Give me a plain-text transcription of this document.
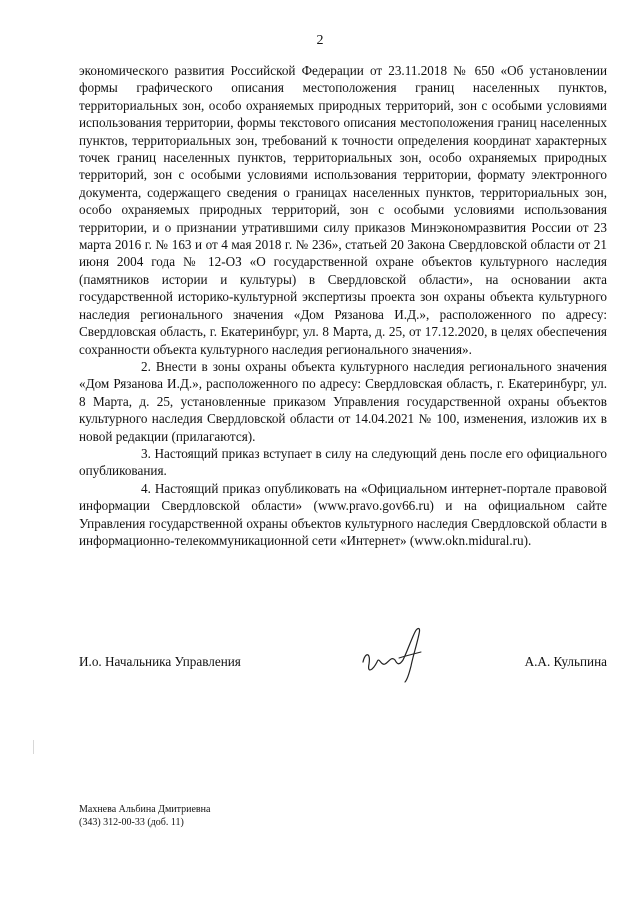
2

экономического развития Российской Федерации от 23.11.2018 № 650 «Об установлении формы графического описания местоположения границ населенных пунктов, территориальных зон, особо охраняемых природных территорий, зон с особыми условиями использования территории, формы текстового описания местоположения границ населенных пунктов, территориальных зон, требований к точности определения координат характерных точек границ населенных пунктов, территориальных зон, особо охраняемых природных территорий, зон с особыми условиями использования территории, формату электронного документа, содержащего сведения о границах населенных пунктов, территориальных зон, особо охраняемых природных территорий, зон с особыми условиями использования территории, и о признании утратившими силу приказов Минэкономразвития России от 23 марта 2016 г. № 163 и от 4 мая 2018 г. № 236», статьей 20 Закона Свердловской области от 21 июня 2004 года № 12-ОЗ «О государственной охране объектов культурного наследия (памятников истории и культуры) в Свердловской области», на основании акта государственной историко-культурной экспертизы проекта зон охраны объекта культурного наследия регионального значения «Дом Рязанова И.Д.», расположенного по адресу: Свердловская область, г. Екатеринбург, ул. 8 Марта, д. 25, от 17.12.2020, в целях обеспечения сохранности объекта культурного наследия регионального значения».

2. Внести в зоны охраны объекта культурного наследия регионального значения «Дом Рязанова И.Д.», расположенного по адресу: Свердловская область, г. Екатеринбург, ул. 8 Марта, д. 25, установленные приказом Управления государственной охраны объектов культурного наследия Свердловской области от 14.04.2021 № 100, изменения, изложив их в новой редакции (прилагаются).

3. Настоящий приказ вступает в силу на следующий день после его официального опубликования.

4. Настоящий приказ опубликовать на «Официальном интернет-портале правовой информации Свердловской области» (www.pravo.gov66.ru) и на официальном сайте Управления государственной охраны объектов культурного наследия Свердловской области в информационно-телекоммуникационной сети «Интернет» (www.okn.midural.ru).

И.о. Начальника Управления	А.А. Кульпина
Махнева Альбина Дмитриевна
(343) 312-00-33 (доб. 11)
